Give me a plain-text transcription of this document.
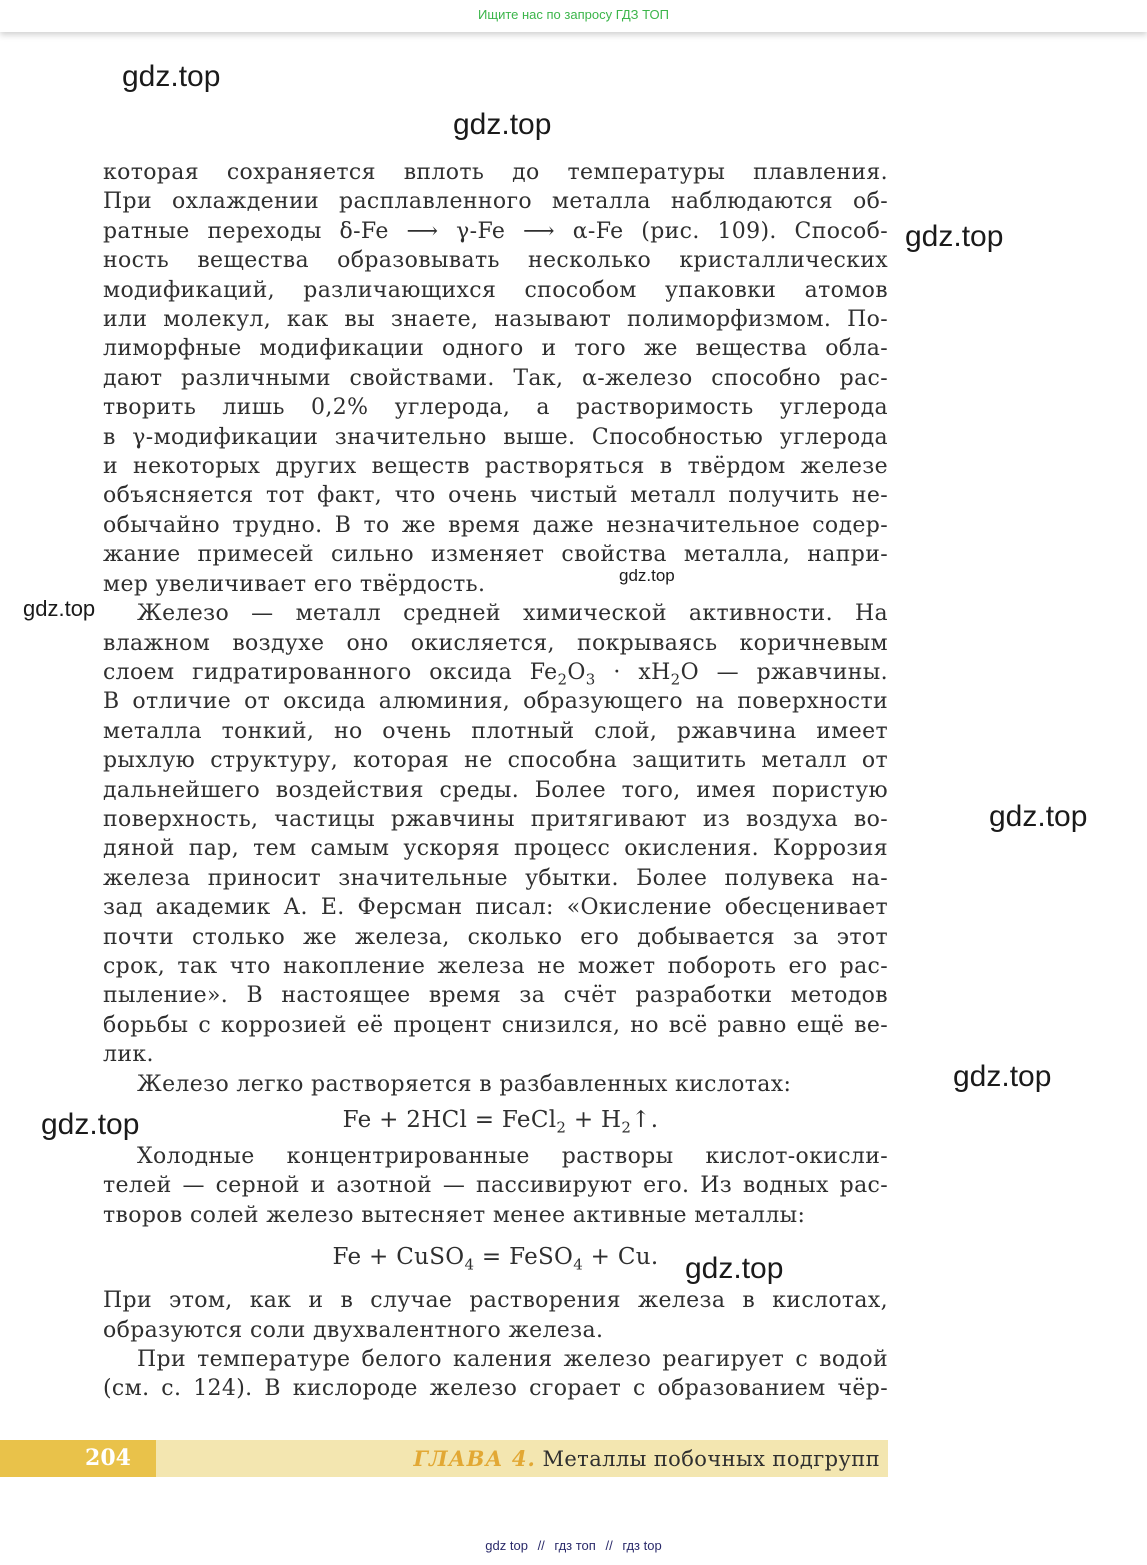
Ищите нас по запросу ГДЗ ТОП
gdz.top
gdz.top
gdz.top
gdz.top
gdz.top
gdz.top
gdz.top
gdz.top
gdz.top

которая сохраняется вплоть до температуры плавления.

При охлаждении расплавленного металла наблюдаются об-

ратные переходы δ-Fe ⟶ γ-Fe ⟶ α-Fe (рис. 109). Способ-

ность вещества образовывать несколько кристаллических

модификаций, различающихся способом упаковки атомов

или молекул, как вы знаете, называют полиморфизмом. По-

лиморфные модификации одного и того же вещества обла-

дают различными свойствами. Так, α-железо способно рас-

творить лишь 0,2% углерода, а растворимость углерода

в γ-модификации значительно выше. Способностью углерода

и некоторых других веществ растворяться в твёрдом железе

объясняется тот факт, что очень чистый металл получить не-

обычайно трудно. В то же время даже незначительное содер-

жание примесей сильно изменяет свойства металла, напри-

мер увеличивает его твёрдость.

Железо — металл средней химической активности. На

влажном воздухе оно окисляется, покрываясь коричневым

слоем гидратированного оксида $Fe_2O_3 \cdot xH_2O$ — ржавчины.

В отличие от оксида алюминия, образующего на поверхности

металла тонкий, но очень плотный слой, ржавчина имеет

рыхлую структуру, которая не способна защитить металл от

дальнейшего воздействия среды. Более того, имея пористую

поверхность, частицы ржавчины притягивают из воздуха во-

дяной пар, тем самым ускоряя процесс окисления. Коррозия

железа приносит значительные убытки. Более полувека на-

зад академик А. Е. Ферсман писал: «Окисление обесценивает

почти столько же железа, сколько его добывается за этот

срок, так что накопление железа не может побороть его рас-

пыление». В настоящее время за счёт разработки методов

борьбы с коррозией её процент снизился, но всё равно ещё ве-

лик.

Железо легко растворяется в разбавленных кислотах:

Fe + 2HCl = FeCl$_2$ + $H_2↑$.

Холодные концентрированные растворы кислот-окисли-

телей — серной и азотной — пассивируют его. Из водных рас-

творов солей железо вытесняет менее активные металлы:

Fe + CuSO$_4$ = FeSO$_4$ + Cu.

При этом, как и в случае растворения железа в кислотах,

образуются соли двухвалентного железа.

При температуре белого каления железо реагирует с водой

(см. с. 124). В кислороде железо сгорает с образованием чёр-

204	ГЛАВА 4. Металлы побочных подгрупп
gdz top // гдз топ // гдз top
